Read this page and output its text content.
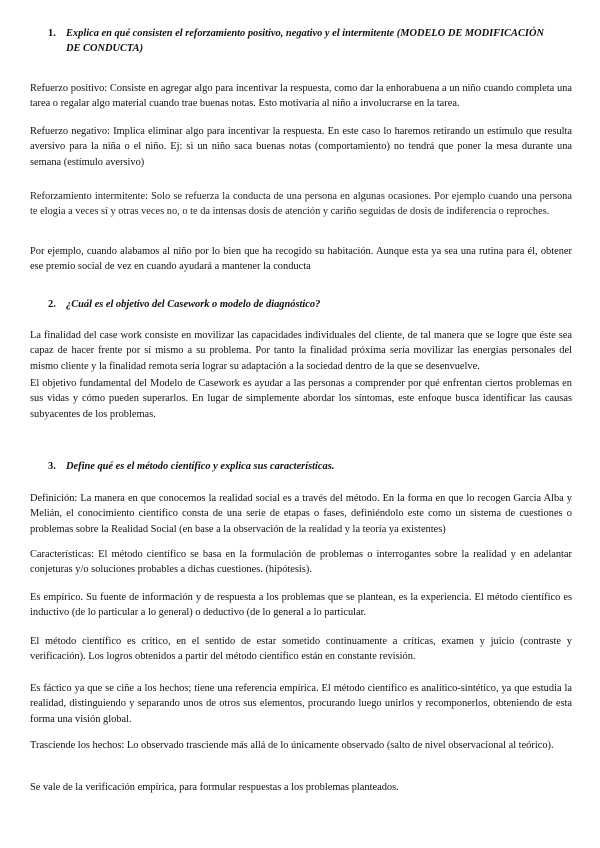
1. Explica en qué consisten el reforzamiento positivo, negativo y el intermitente (MODELO DE MODIFICACIÓN DE CONDUCTA)

Refuerzo positivo: Consiste en agregar algo para incentivar la respuesta, como dar la enhorabuena a un niño cuando completa una tarea o regalar algo material cuando trae buenas notas. Esto motivaría al niño a involucrarse en la tarea.

Refuerzo negativo: Implica eliminar algo para incentivar la respuesta. En este caso lo haremos retirando un estímulo que resulta aversivo para la niña o el niño. Ej: si un niño saca buenas notas (comportamiento) no tendrá que poner la mesa durante una semana (estímulo aversivo)

Reforzamiento intermitente: Solo se refuerza la conducta de una persona en algunas ocasiones. Por ejemplo cuando una persona te elogia a veces sí y otras veces no, o te da intensas dosis de atención y cariño seguidas de dosis de indiferencia o reproches.

Por ejemplo, cuando alabamos al niño por lo bien que ha recogido su habitación. Aunque esta ya sea una rutina para él, obtener ese premio social de vez en cuando ayudará a mantener la conducta

2. ¿Cuál es el objetivo del Casework o modelo de diagnóstico?

La finalidad del case work consiste en movilizar las capacidades individuales del cliente, de tal manera que se logre que éste sea capaz de hacer frente por sí mismo a su problema. Por tanto la finalidad próxima sería movilizar las energías personales del mismo cliente y la finalidad remota sería lograr su adaptación a la sociedad dentro de la que se desenvuelve.

El objetivo fundamental del Modelo de Casework es ayudar a las personas a comprender por qué enfrentan ciertos problemas en sus vidas y cómo pueden superarlos. En lugar de simplemente abordar los síntomas, este enfoque busca identificar las causas subyacentes de los problemas.

3. Define qué es el método científico y explica sus características.

Definición: La manera en que conocemos la realidad social es a través del método. En la forma en que lo recogen García Alba y Melián, el conocimiento científico consta de una serie de etapas o fases, definiéndolo este como un sistema de cuestiones o problemas sobre la Realidad Social (en base a la observación de la realidad y la teoría ya existentes)

Características: El método científico se basa en la formulación de problemas o interrogantes sobre la realidad y en adelantar conjeturas y/o soluciones probables a dichas cuestiones. (hipótesis).

Es empírico. Su fuente de información y de respuesta a los problemas que se plantean, es la experiencia. El método científico es inductivo (de lo particular a lo general) o deductivo (de lo general a lo particular.

El método científico es crítico, en el sentido de estar sometido continuamente a críticas, examen y juicio (contraste y verificación). Los logros obtenidos a partir del método científico están en constante revisión.

Es fáctico ya que se ciñe a los hechos; tiene una referencia empírica. El método científico es analítico-sintético, ya que estudia la realidad, distinguiendo y separando unos de otros sus elementos, procurando luego unirlos y recomponerlos, obteniendo de esta forma una visión global.

Trasciende los hechos: Lo observado trasciende más allá de lo únicamente observado (salto de nivel observacional al teórico).

Se vale de la verificación empírica, para formular respuestas a los problemas planteados.
